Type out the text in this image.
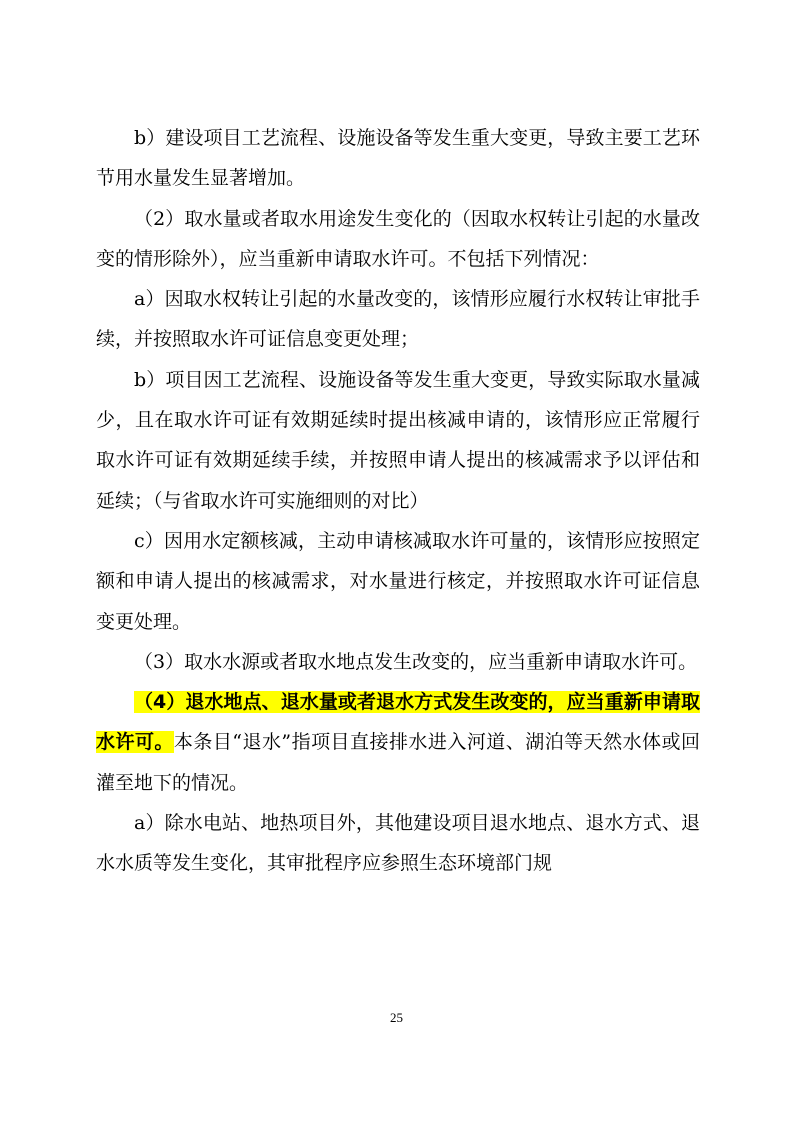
b）建设项目工艺流程、设施设备等发生重大变更，导致主要工艺环节用水量发生显著增加。

（2）取水量或者取水用途发生变化的（因取水权转让引起的水量改变的情形除外），应当重新申请取水许可。不包括下列情况：

a）因取水权转让引起的水量改变的，该情形应履行水权转让审批手续，并按照取水许可证信息变更处理；

b）项目因工艺流程、设施设备等发生重大变更，导致实际取水量减少，且在取水许可证有效期延续时提出核减申请的，该情形应正常履行取水许可证有效期延续手续，并按照申请人提出的核减需求予以评估和延续；（与省取水许可实施细则的对比）

c）因用水定额核减，主动申请核减取水许可量的，该情形应按照定额和申请人提出的核减需求，对水量进行核定，并按照取水许可证信息变更处理。

（3）取水水源或者取水地点发生改变的，应当重新申请取水许可。

（4）退水地点、退水量或者退水方式发生改变的，应当重新申请取水许可。本条目“退水”指项目直接排水进入河道、湖泊等天然水体或回灌至地下的情况。

a）除水电站、地热项目外，其他建设项目退水地点、退水方式、退水水质等发生变化，其审批程序应参照生态环境部门规

25
